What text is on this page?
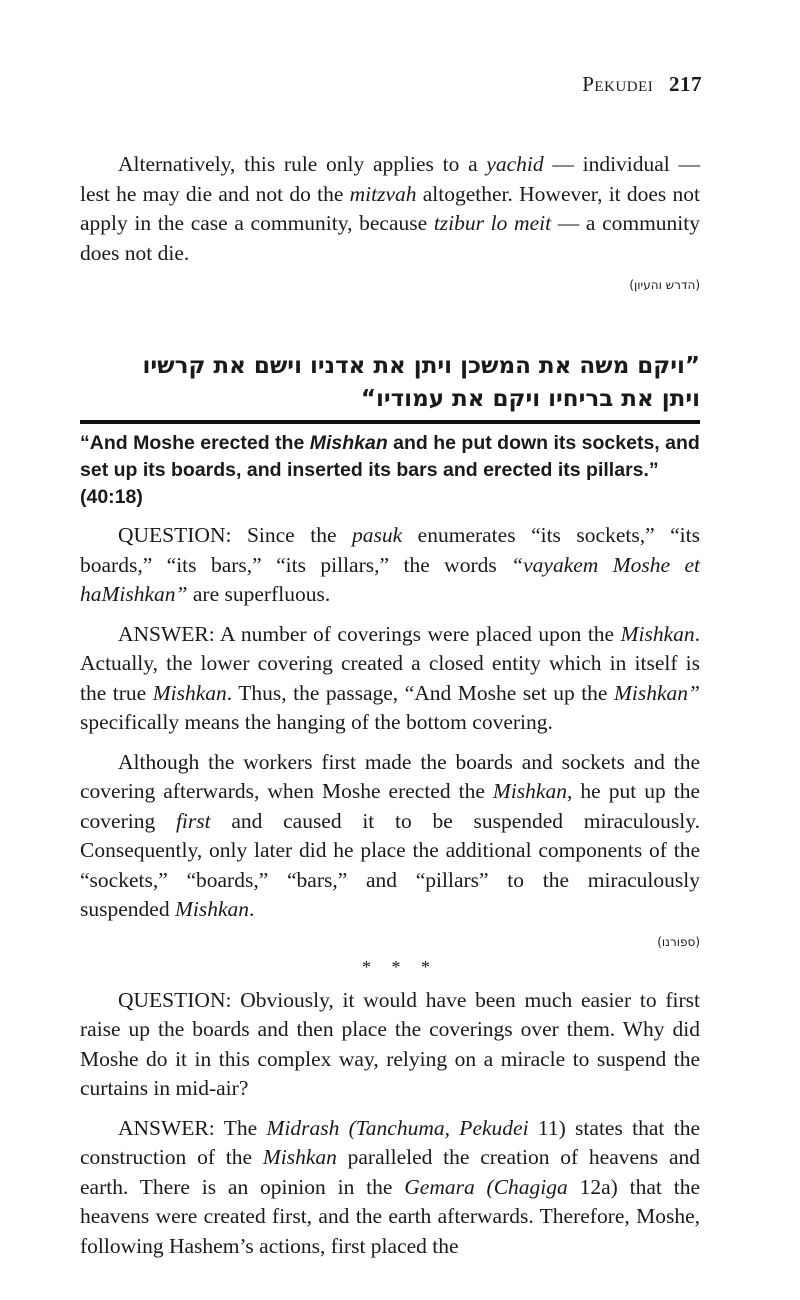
Pekudei 217

Alternatively, this rule only applies to a yachid — individual — lest he may die and not do the mitzvah altogether. However, it does not apply in the case a community, because tzibur lo meit — a community does not die.

(הדרש והעיון)
”ויקם משה את המשכן ויתן את אדניו וישם את קרשיו ויתן את בריחיו ויקם את עמודיו“
“And Moshe erected the Mishkan and he put down its sockets, and set up its boards, and inserted its bars and erected its pillars.” (40:18)

QUESTION: Since the pasuk enumerates “its sockets,” “its boards,” “its bars,” “its pillars,” the words “vayakem Moshe et haMishkan” are superfluous.

ANSWER: A number of coverings were placed upon the Mishkan. Actually, the lower covering created a closed entity which in itself is the true Mishkan. Thus, the passage, “And Moshe set up the Mishkan” specifically means the hanging of the bottom covering.

Although the workers first made the boards and sockets and the covering afterwards, when Moshe erected the Mishkan, he put up the covering first and caused it to be suspended miraculously. Consequently, only later did he place the additional components of the “sockets,” “boards,” “bars,” and “pillars” to the miraculously suspended Mishkan.

(ספורנו)
* * *

QUESTION: Obviously, it would have been much easier to first raise up the boards and then place the coverings over them. Why did Moshe do it in this complex way, relying on a miracle to suspend the curtains in mid-air?

ANSWER: The Midrash (Tanchuma, Pekudei 11) states that the construction of the Mishkan paralleled the creation of heavens and earth. There is an opinion in the Gemara (Chagiga 12a) that the heavens were created first, and the earth afterwards. Therefore, Moshe, following Hashem’s actions, first placed the
